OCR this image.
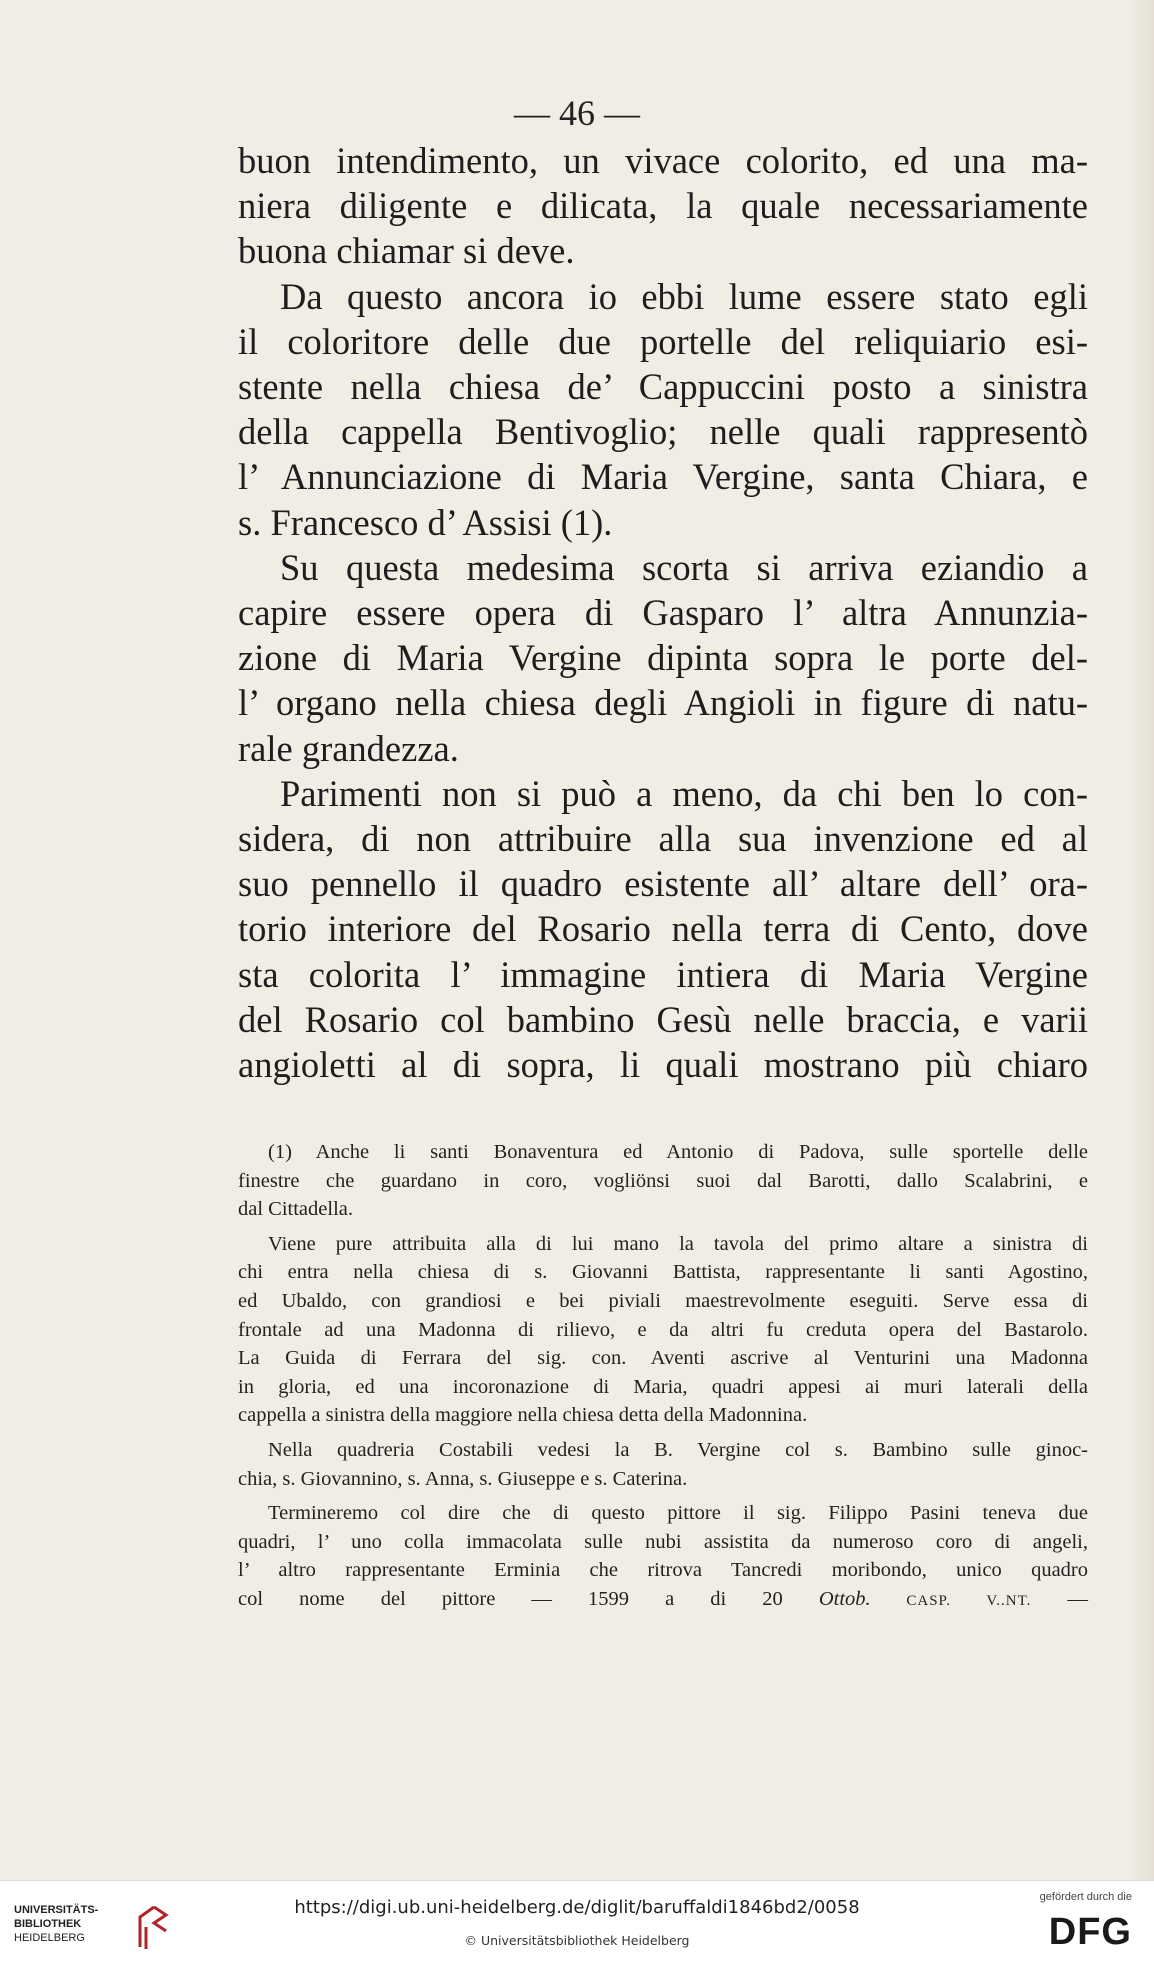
— 46 —
buon intendimento, un vivace colorito, ed una ma-
niera diligente e dilicata, la quale necessariamente
buona chiamar si deve.
Da questo ancora io ebbi lume essere stato egli
il coloritore delle due portelle del reliquiario esi-
stente nella chiesa de’ Cappuccini posto a sinistra
della cappella Bentivoglio; nelle quali rappresentò
l’ Annunciazione di Maria Vergine, santa Chiara, e
s. Francesco d’ Assisi (1).
Su questa medesima scorta si arriva eziandio a
capire essere opera di Gasparo l’ altra Annunzia-
zione di Maria Vergine dipinta sopra le porte del-
l’ organo nella chiesa degli Angioli in figure di natu-
rale grandezza.
Parimenti non si può a meno, da chi ben lo con-
sidera, di non attribuire alla sua invenzione ed al
suo pennello il quadro esistente all’ altare dell’ ora-
torio interiore del Rosario nella terra di Cento, dove
sta colorita l’ immagine intiera di Maria Vergine
del Rosario col bambino Gesù nelle braccia, e varii
angioletti al di sopra, li quali mostrano più chiaro
(1) Anche li santi Bonaventura ed Antonio di Padova, sulle sportelle delle
finestre che guardano in coro, vogliönsi suoi dal Barotti, dallo Scalabrini, e
dal Cittadella.
Viene pure attribuita alla di lui mano la tavola del primo altare a sinistra di
chi entra nella chiesa di s. Giovanni Battista, rappresentante li santi Agostino,
ed Ubaldo, con grandiosi e bei piviali maestrevolmente eseguiti. Serve essa di
frontale ad una Madonna di rilievo, e da altri fu creduta opera del Bastarolo.
La Guida di Ferrara del sig. con. Aventi ascrive al Venturini una Madonna
in gloria, ed una incoronazione di Maria, quadri appesi ai muri laterali della
cappella a sinistra della maggiore nella chiesa detta della Madonnina.
Nella quadreria Costabili vedesi la B. Vergine col s. Bambino sulle ginoc-
chia, s. Giovannino, s. Anna, s. Giuseppe e s. Caterina.
Termineremo col dire che di questo pittore il sig. Filippo Pasini teneva due
quadri, l’ uno colla immacolata sulle nubi assistita da numeroso coro di angeli,
l’ altro rappresentante Erminia che ritrova Tancredi moribondo, unico quadro
col nome del pittore — 1599 a di 20 Ottob. CASP. V..NT. —
UNIVERSITÄTS-
BIBLIOTHEK
HEIDELBERG
https://digi.ub.uni-heidelberg.de/diglit/baruffaldi1846bd2/0058
© Universitätsbibliothek Heidelberg
gefördert durch die
DFG
